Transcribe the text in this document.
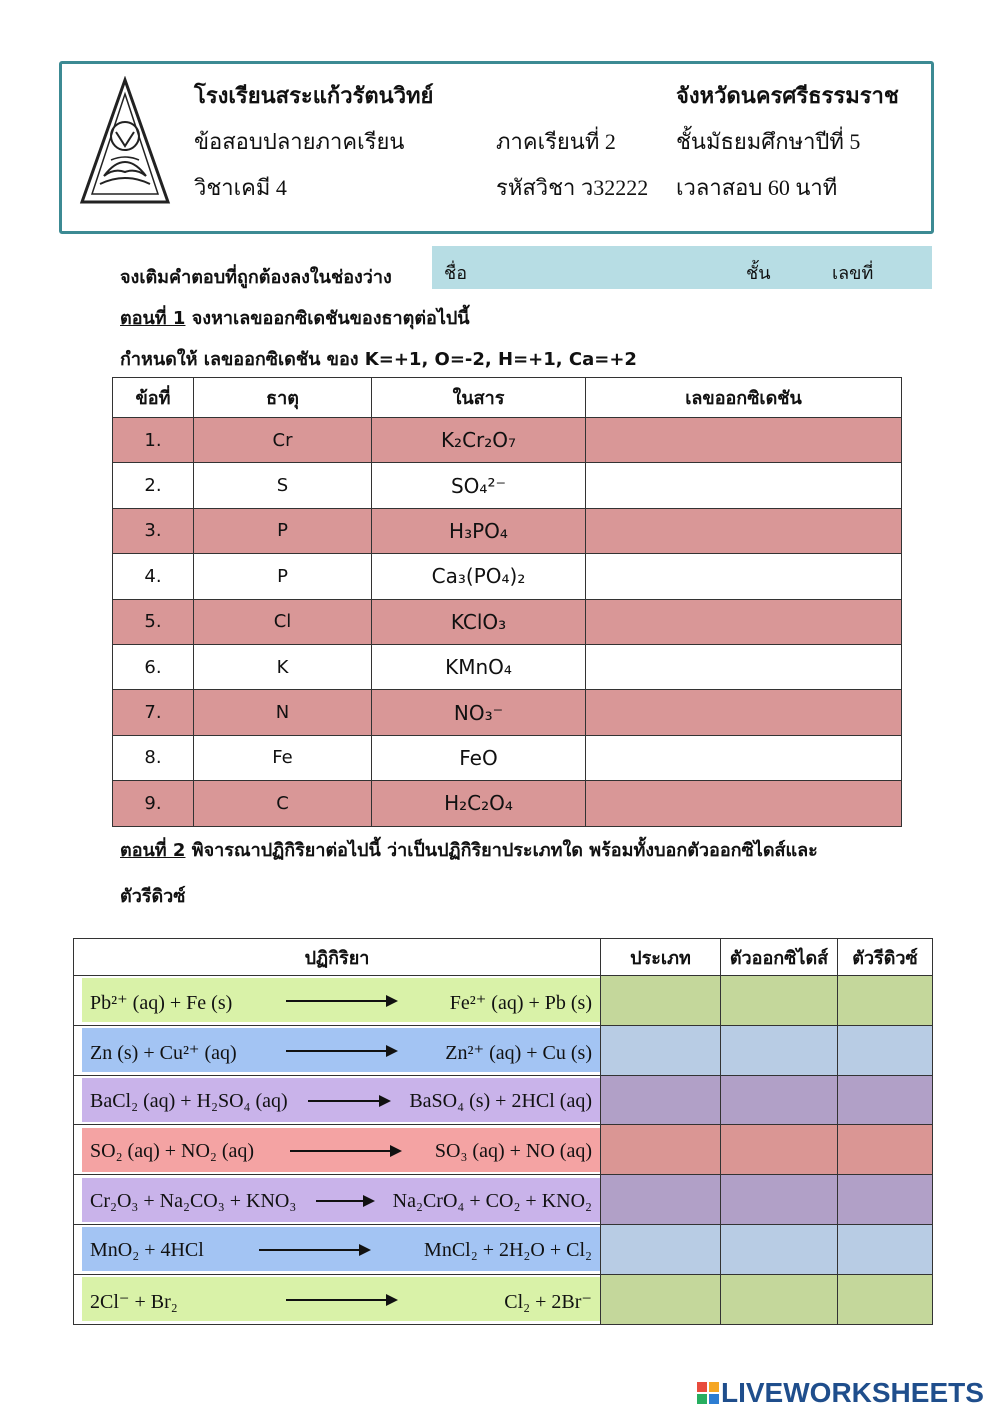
โรงเรียนสระแก้วรัตนวิทย์	จังหวัดนครศรีธรรมราช
ข้อสอบปลายภาคเรียน	ภาคเรียนที่ 2	ชั้นมัธยมศึกษาปีที่ 5
วิชาเคมี 4	รหัสวิชา ว32222 เวลาสอบ 60 นาที
จงเติมคำตอบที่ถูกต้องลงในช่องว่าง	ชื่อ	ชั้น	เลขที่
ตอนที่ 1 จงหาเลขออกซิเดชันของธาตุต่อไปนี้
กำหนดให้ เลขออกซิเดชัน ของ K=+1, O=-2, H=+1, Ca=+2
ข้อที่	ธาตุ	ในสาร	เลขออกซิเดชัน
1.	Cr	K₂Cr₂O₇	
2.	S	SO₄²⁻	
3.	P	H₃PO₄	
4.	P	Ca₃(PO₄)₂	
5.	Cl	KClO₃	
6.	K	KMnO₄	
7.	N	NO₃⁻	
8.	Fe	FeO	
9.	C	H₂C₂O₄	
ตอนที่ 2 พิจารณาปฏิกิริยาต่อไปนี้ ว่าเป็นปฏิกิริยาประเภทใด พร้อมทั้งบอกตัวออกซิไดส์และ
ตัวรีดิวซ์
ปฏิกิริยา	ประเภท	ตัวออกซิไดส์	ตัวรีดิวซ์

Pb²⁺ (aq) + Fe (s) Fe²⁺ (aq) + Pb (s)			

Zn (s) + Cu²⁺ (aq) Zn²⁺ (aq) + Cu (s)			

BaCl₂ (aq) + H₂SO₄ (aq) BaSO₄ (s) + 2HCl (aq)			

SO₂ (aq) + NO₂ (aq) SO₃ (aq) + NO (aq)			

Cr₂O₃ + Na₂CO₃ + KNO₃ → Na₂CrO₄ + CO₂ + KNO₂			

MnO₂ + 4HCl MnCl₂ + 2H₂O + Cl₂			

2Cl⁻ + Br₂ Cl₂ + 2Br⁻			

LIVEWORKSHEETS
